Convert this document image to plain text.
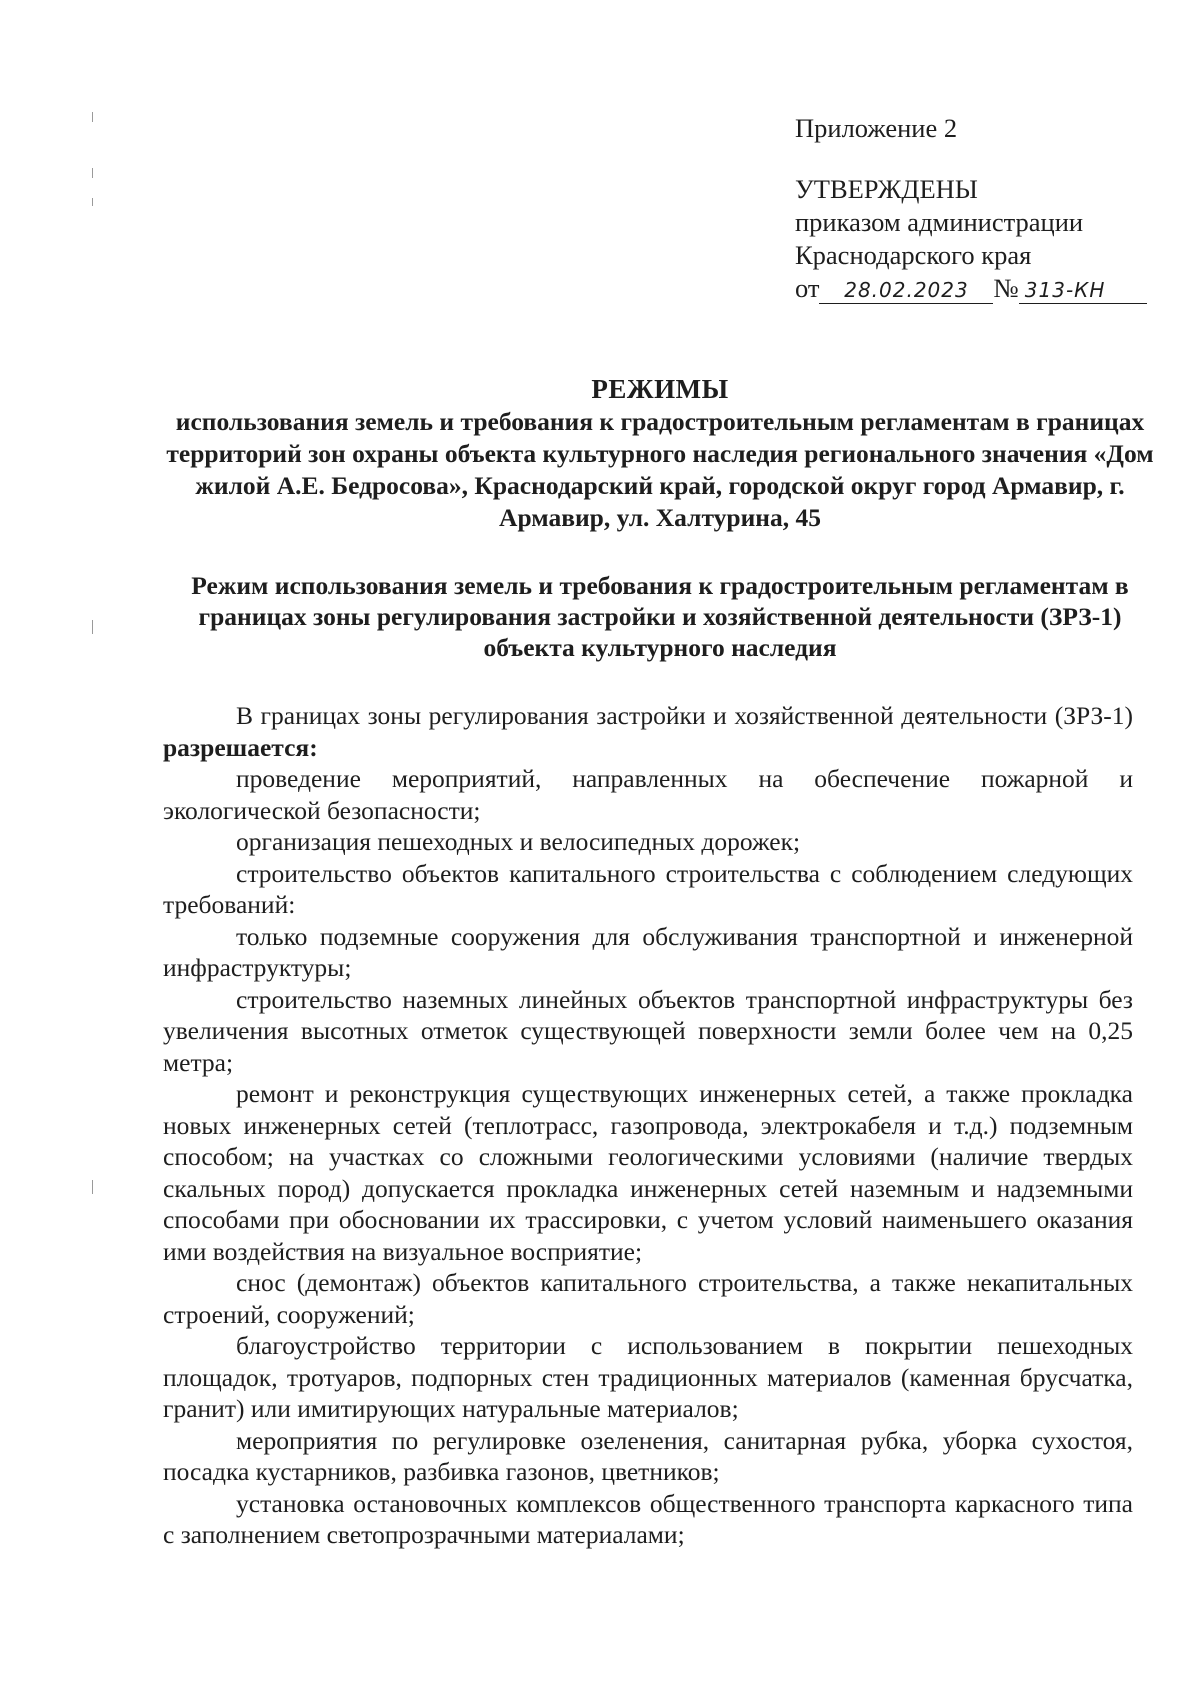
Приложение 2
УТВЕРЖДЕНЫ
приказом администрации
Краснодарского края
от 28.02.2023 № 313-КН
РЕЖИМЫ
использования земель и требования к градостроительным регламентам в границах территорий зон охраны объекта культурного наследия регионального значения «Дом жилой А.Е. Бедросова», Краснодарский край, городской округ город Армавир, г. Армавир, ул. Халтурина, 45
Режим использования земель и требования к градостроительным регламентам в границах зоны регулирования застройки и хозяйственной деятельности (ЗРЗ-1) объекта культурного наследия

В границах зоны регулирования застройки и хозяйственной деятельности (ЗРЗ-1) разрешается:

проведение мероприятий, направленных на обеспечение пожарной и экологической безопасности;

организация пешеходных и велосипедных дорожек;

строительство объектов капитального строительства с соблюдением следующих требований:

только подземные сооружения для обслуживания транспортной и инженерной инфраструктуры;

строительство наземных линейных объектов транспортной инфраструктуры без увеличения высотных отметок существующей поверхности земли более чем на 0,25 метра;

ремонт и реконструкция существующих инженерных сетей, а также прокладка новых инженерных сетей (теплотрасс, газопровода, электрокабеля и т.д.) подземным способом; на участках со сложными геологическими условиями (наличие твердых скальных пород) допускается прокладка инженерных сетей наземным и надземными способами при обосновании их трассировки, с учетом условий наименьшего оказания ими воздействия на визуальное восприятие;

снос (демонтаж) объектов капитального строительства, а также некапитальных строений, сооружений;

благоустройство территории с использованием в покрытии пешеходных площадок, тротуаров, подпорных стен традиционных материалов (каменная брусчатка, гранит) или имитирующих натуральные материалов;

мероприятия по регулировке озеленения, санитарная рубка, уборка сухостоя, посадка кустарников, разбивка газонов, цветников;

установка остановочных комплексов общественного транспорта каркасного типа с заполнением светопрозрачными материалами;
